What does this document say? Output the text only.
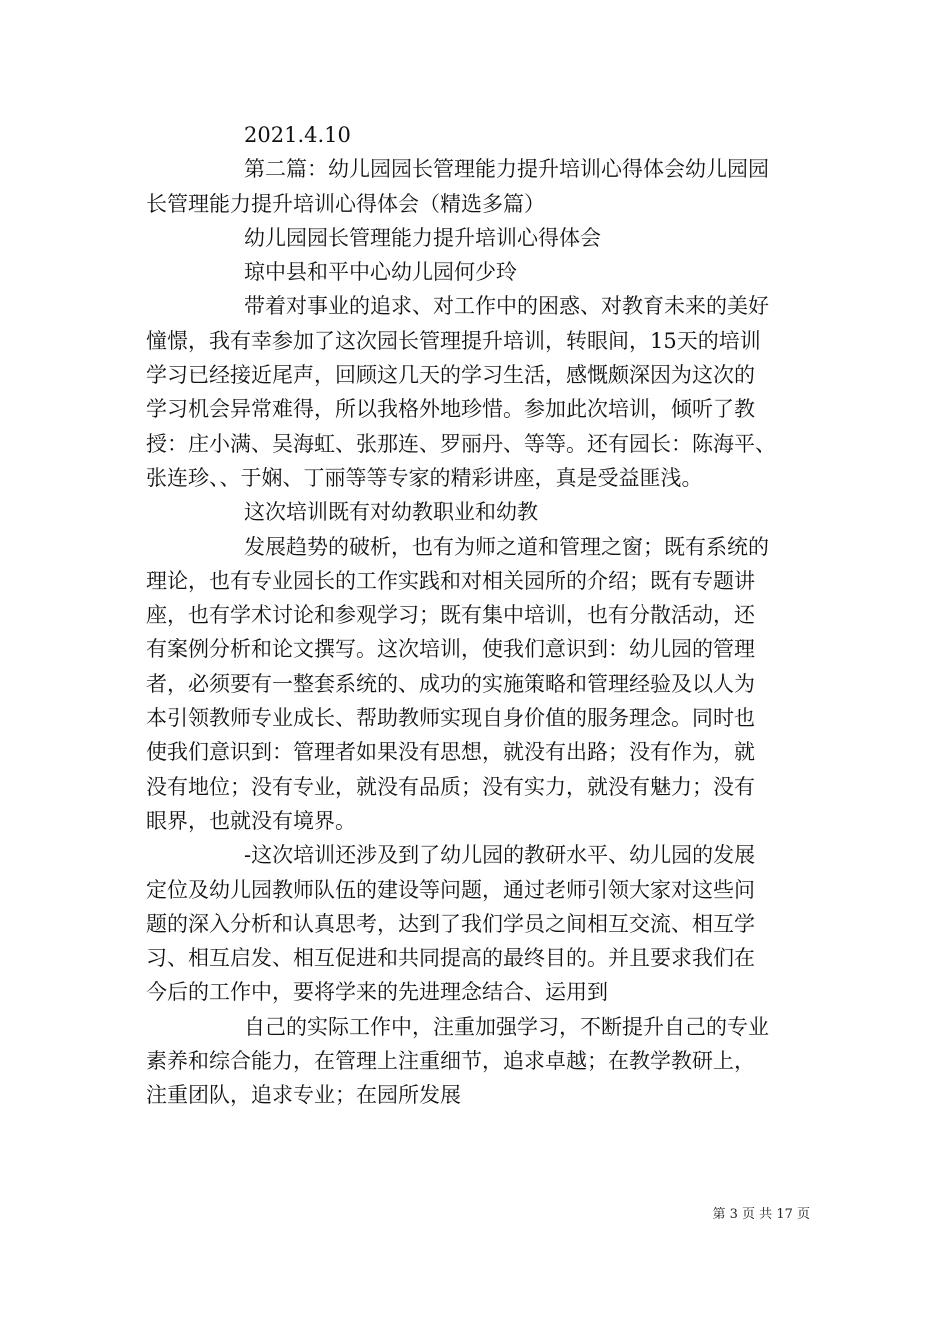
2021.4.10
第二篇：幼儿园园长管理能力提升培训心得体会幼儿园园
长管理能力提升培训心得体会（精选多篇）
幼儿园园长管理能力提升培训心得体会
琼中县和平中心幼儿园何少玲
带着对事业的追求、对工作中的困惑、对教育未来的美好
憧憬，我有幸参加了这次园长管理提升培训，转眼间，15天的培训
学习已经接近尾声，回顾这几天的学习生活，感慨颇深因为这次的
学习机会异常难得，所以我格外地珍惜。参加此次培训，倾听了教
授：庄小满、吴海虹、张那连、罗丽丹、等等。还有园长：陈海平、
张连珍、、于娴、丁丽等等专家的精彩讲座，真是受益匪浅。
这次培训既有对幼教职业和幼教
发展趋势的破析，也有为师之道和管理之窗；既有系统的
理论，也有专业园长的工作实践和对相关园所的介绍；既有专题讲
座，也有学术讨论和参观学习；既有集中培训，也有分散活动，还
有案例分析和论文撰写。这次培训，使我们意识到：幼儿园的管理
者，必须要有一整套系统的、成功的实施策略和管理经验及以人为
本引领教师专业成长、帮助教师实现自身价值的服务理念。同时也
使我们意识到：管理者如果没有思想，就没有出路；没有作为，就
没有地位；没有专业，就没有品质；没有实力，就没有魅力；没有
眼界，也就没有境界。
-这次培训还涉及到了幼儿园的教研水平、幼儿园的发展
定位及幼儿园教师队伍的建设等问题，通过老师引领大家对这些问
题的深入分析和认真思考，达到了我们学员之间相互交流、相互学
习、相互启发、相互促进和共同提高的最终目的。并且要求我们在
今后的工作中，要将学来的先进理念结合、运用到
自己的实际工作中，注重加强学习，不断提升自己的专业
素养和综合能力，在管理上注重细节，追求卓越；在教学教研上，
注重团队，追求专业；在园所发展
第 3 页 共 17 页
